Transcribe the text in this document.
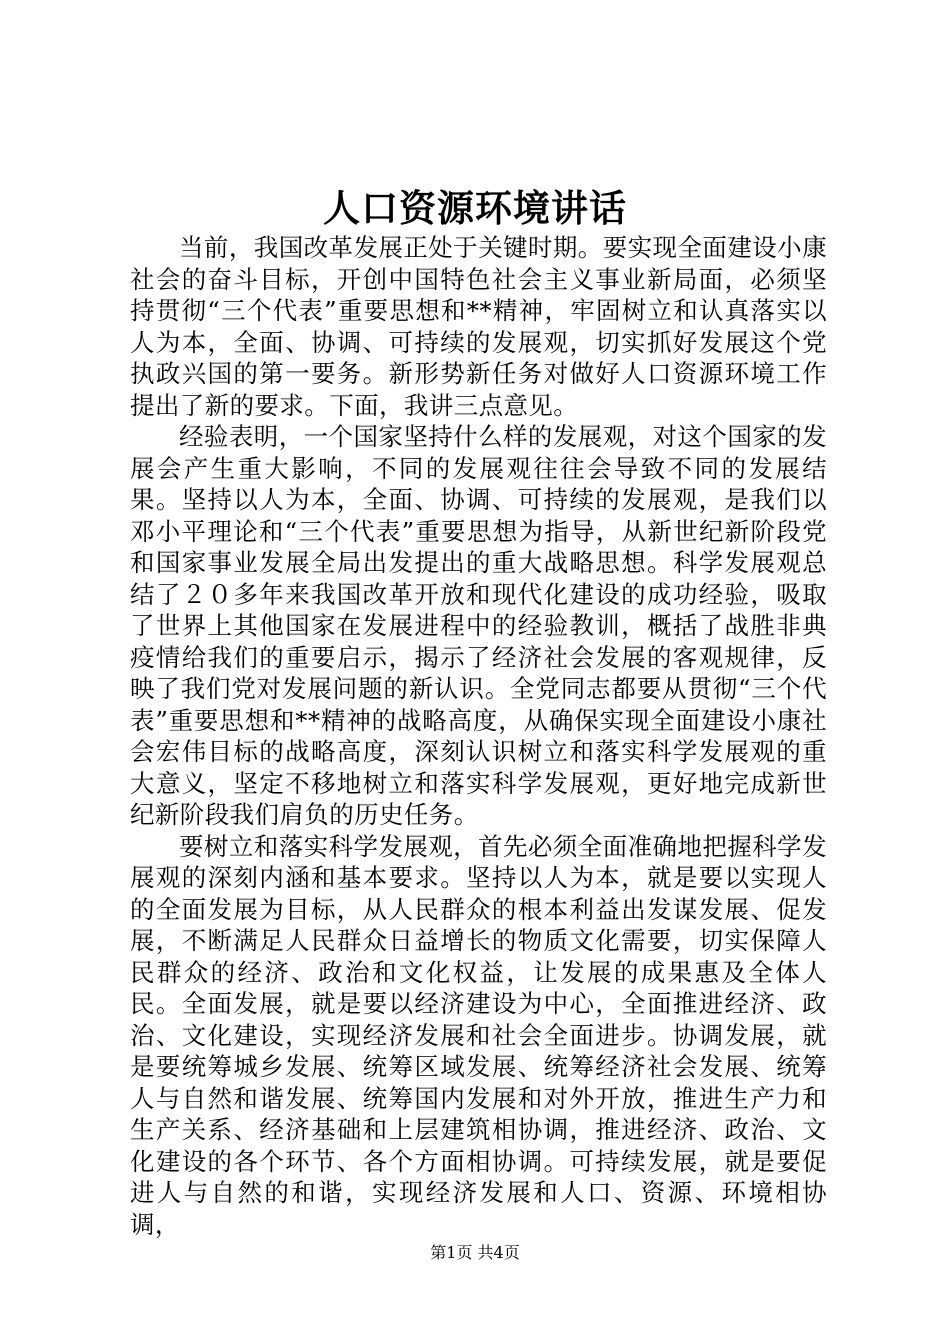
人口资源环境讲话

当前，我国改革发展正处于关键时期。要实现全面建设小康社会的奋斗目标，开创中国特色社会主义事业新局面，必须坚持贯彻“三个代表”重要思想和**精神，牢固树立和认真落实以人为本，全面、协调、可持续的发展观，切实抓好发展这个党执政兴国的第一要务。新形势新任务对做好人口资源环境工作提出了新的要求。下面，我讲三点意见。

经验表明，一个国家坚持什么样的发展观，对这个国家的发展会产生重大影响，不同的发展观往往会导致不同的发展结果。坚持以人为本，全面、协调、可持续的发展观，是我们以邓小平理论和“三个代表”重要思想为指导，从新世纪新阶段党和国家事业发展全局出发提出的重大战略思想。科学发展观总结了２０多年来我国改革开放和现代化建设的成功经验，吸取了世界上其他国家在发展进程中的经验教训，概括了战胜非典疫情给我们的重要启示，揭示了经济社会发展的客观规律，反映了我们党对发展问题的新认识。全党同志都要从贯彻“三个代表”重要思想和**精神的战略高度，从确保实现全面建设小康社会宏伟目标的战略高度，深刻认识树立和落实科学发展观的重大意义，坚定不移地树立和落实科学发展观，更好地完成新世纪新阶段我们肩负的历史任务。

要树立和落实科学发展观，首先必须全面准确地把握科学发展观的深刻内涵和基本要求。坚持以人为本，就是要以实现人的全面发展为目标，从人民群众的根本利益出发谋发展、促发展，不断满足人民群众日益增长的物质文化需要，切实保障人民群众的经济、政治和文化权益，让发展的成果惠及全体人民。全面发展，就是要以经济建设为中心，全面推进经济、政治、文化建设，实现经济发展和社会全面进步。协调发展，就是要统筹城乡发展、统筹区域发展、统筹经济社会发展、统筹人与自然和谐发展、统筹国内发展和对外开放，推进生产力和生产关系、经济基础和上层建筑相协调，推进经济、政治、文化建设的各个环节、各个方面相协调。可持续发展，就是要促进人与自然的和谐，实现经济发展和人口、资源、环境相协调，

第1页 共4页
